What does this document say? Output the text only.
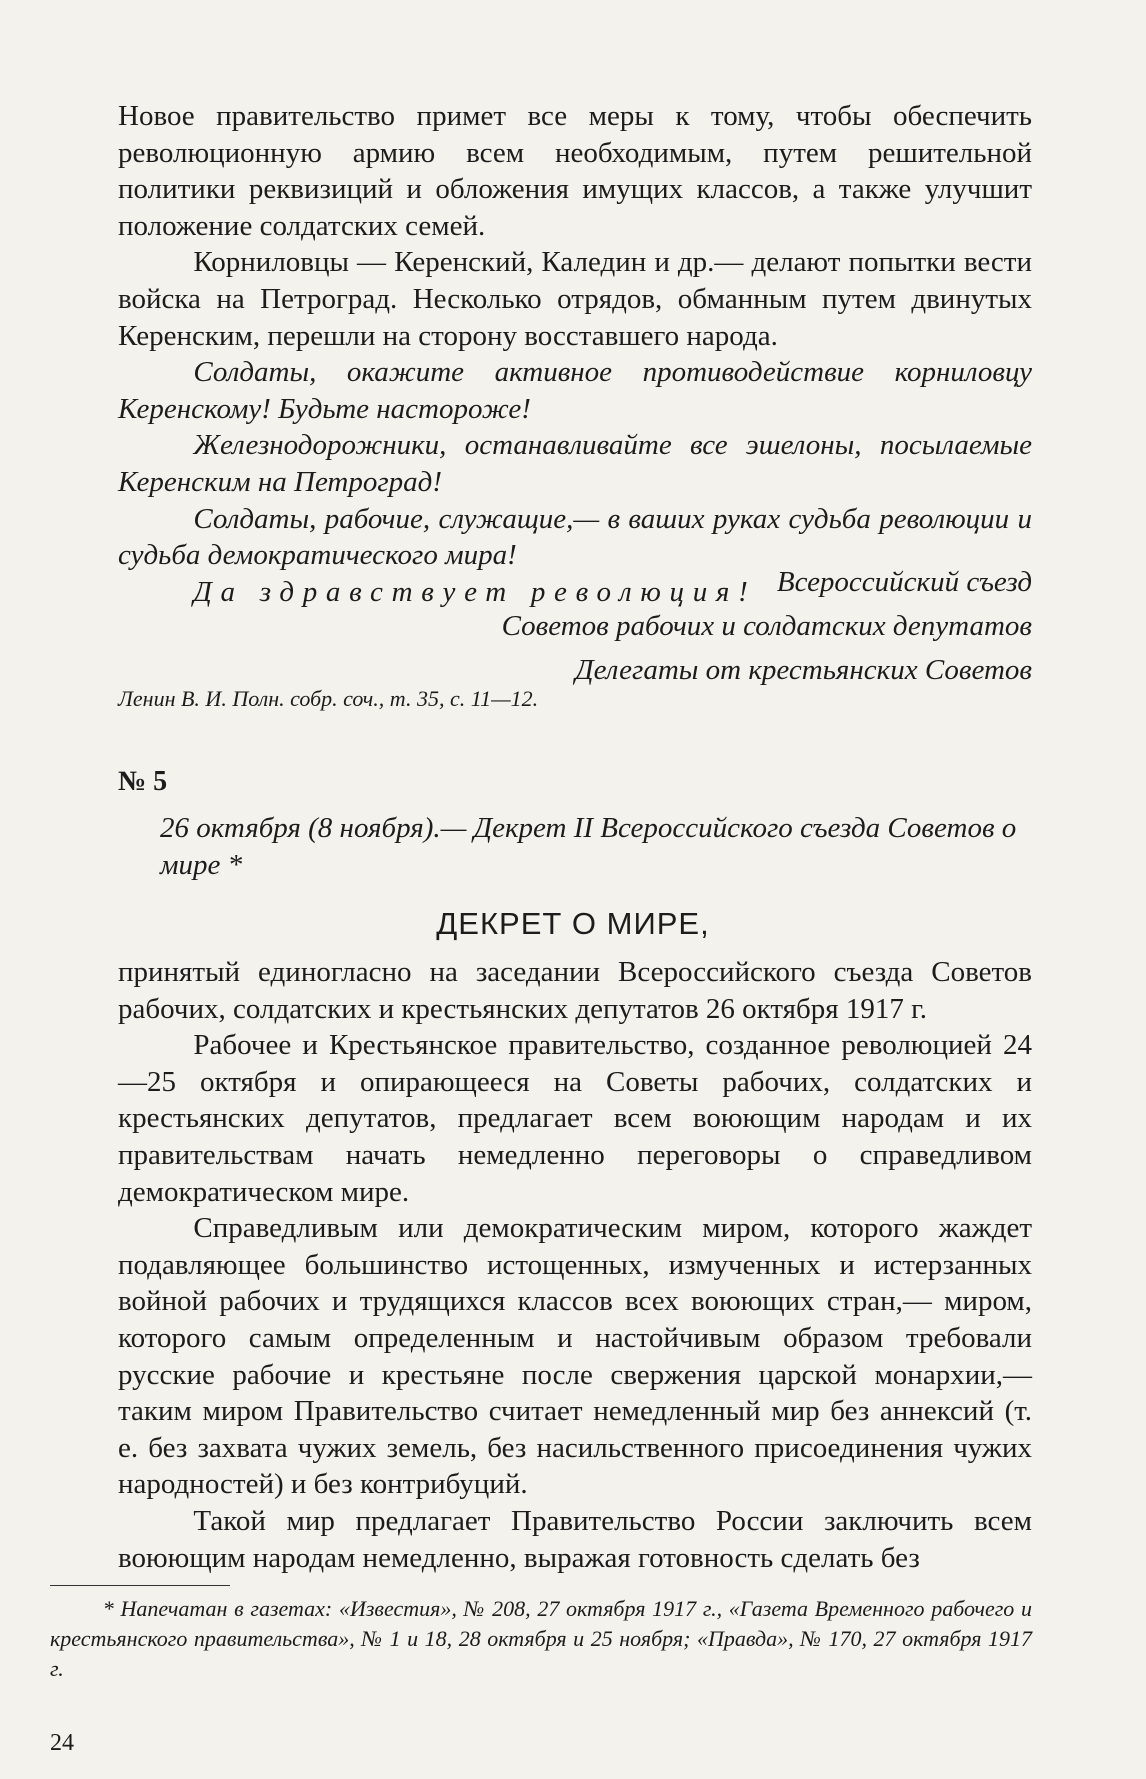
Новое правительство примет все меры к тому, чтобы обеспечить революционную армию всем необходимым, путем решительной политики реквизиций и обложения имущих классов, а также улучшит положение солдатских семей.

Корниловцы — Керенский, Каледин и др.— делают попытки вести войска на Петроград. Несколько отрядов, обманным путем двинутых Керенским, перешли на сторону восставшего народа.

Солдаты, окажите активное противодействие корниловцу Керенскому! Будьте настороже!

Железнодорожники, останавливайте все эшелоны, посылаемые Керенским на Петроград!

Солдаты, рабочие, служащие,— в ваших руках судьба революции и судьба демократического мира!

Да здравствует революция! Всероссийский съезд

Советов рабочих и солдатских депутатов

Делегаты от крестьянских Советов

Ленин В. И. Полн. собр. соч., т. 35, с. 11—12.
№ 5
26 октября (8 ноября).— Декрет II Всероссийского съезда Советов о мире *
ДЕКРЕТ О МИРЕ,

принятый единогласно на заседании Всероссийского съезда Советов рабочих, солдатских и крестьянских депутатов 26 октября 1917 г.

Рабочее и Крестьянское правительство, созданное революцией 24—25 октября и опирающееся на Советы рабочих, солдатских и крестьянских депутатов, предлагает всем воюющим народам и их правительствам начать немедленно переговоры о справедливом демократическом мире.

Справедливым или демократическим миром, которого жаждет подавляющее большинство истощенных, измученных и истерзанных войной рабочих и трудящихся классов всех воюющих стран,— миром, которого самым определенным и настойчивым образом требовали русские рабочие и крестьяне после свержения царской монархии,— таким миром Правительство считает немедленный мир без аннексий (т. е. без захвата чужих земель, без насильственного присоединения чужих народностей) и без контрибуций.

Такой мир предлагает Правительство России заключить всем воюющим народам немедленно, выражая готовность сделать без

* Напечатан в газетах: «Известия», № 208, 27 октября 1917 г., «Газета Временного рабочего и крестьянского правительства», № 1 и 18, 28 октября и 25 ноября; «Правда», № 170, 27 октября 1917 г.

24
